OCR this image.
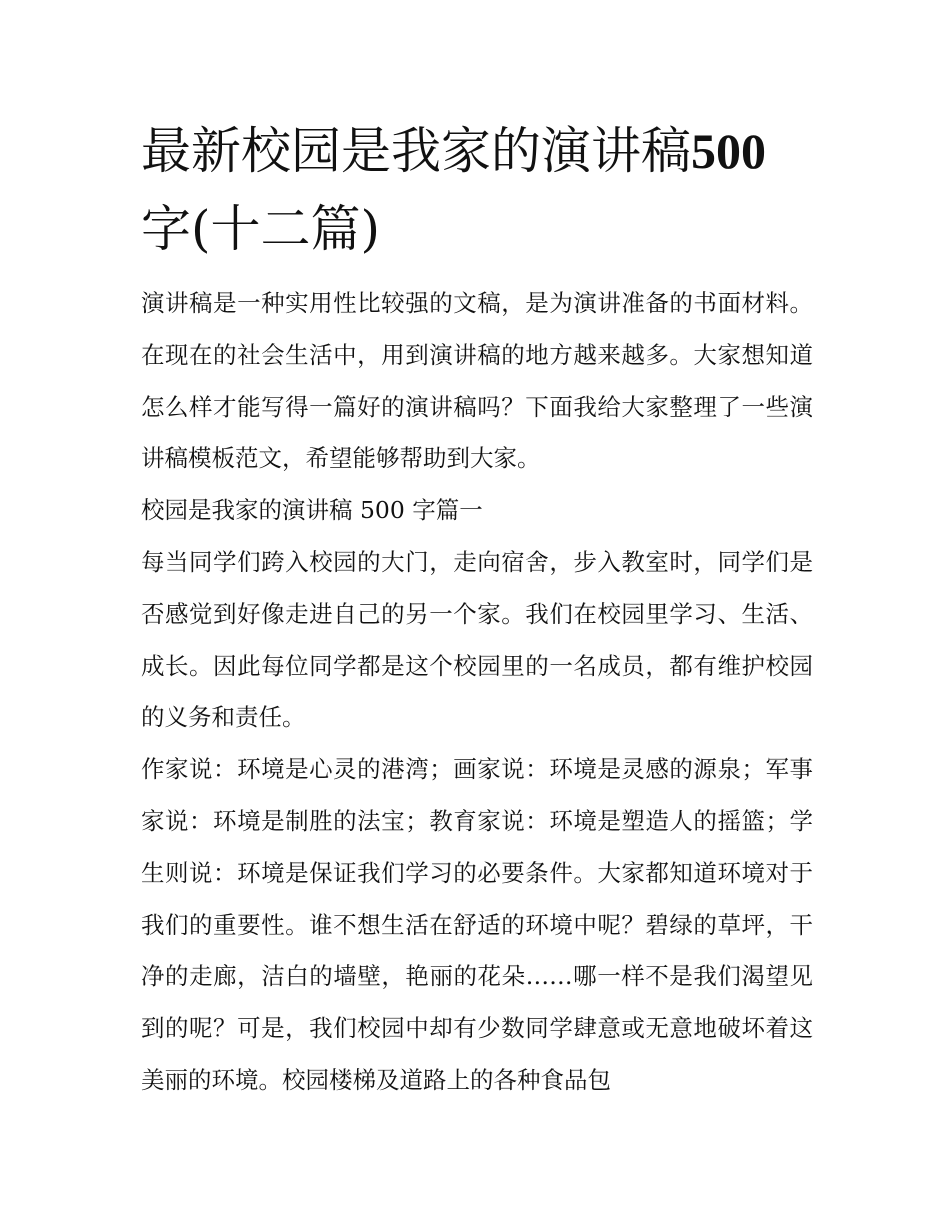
最新校园是我家的演讲稿500字(十二篇)

演讲稿是一种实用性比较强的文稿，是为演讲准备的书面材料。在现在的社会生活中，用到演讲稿的地方越来越多。大家想知道怎么样才能写得一篇好的演讲稿吗？下面我给大家整理了一些演讲稿模板范文，希望能够帮助到大家。

校园是我家的演讲稿 500 字篇一

每当同学们跨入校园的大门，走向宿舍，步入教室时，同学们是否感觉到好像走进自己的另一个家。我们在校园里学习、生活、成长。因此每位同学都是这个校园里的一名成员，都有维护校园的义务和责任。

作家说：环境是心灵的港湾；画家说：环境是灵感的源泉；军事家说：环境是制胜的法宝；教育家说：环境是塑造人的摇篮；学生则说：环境是保证我们学习的必要条件。大家都知道环境对于我们的重要性。谁不想生活在舒适的环境中呢？碧绿的草坪，干净的走廊，洁白的墙壁，艳丽的花朵……哪一样不是我们渴望见到的呢？可是，我们校园中却有少数同学肆意或无意地破坏着这美丽的环境。校园楼梯及道路上的各种食品包
